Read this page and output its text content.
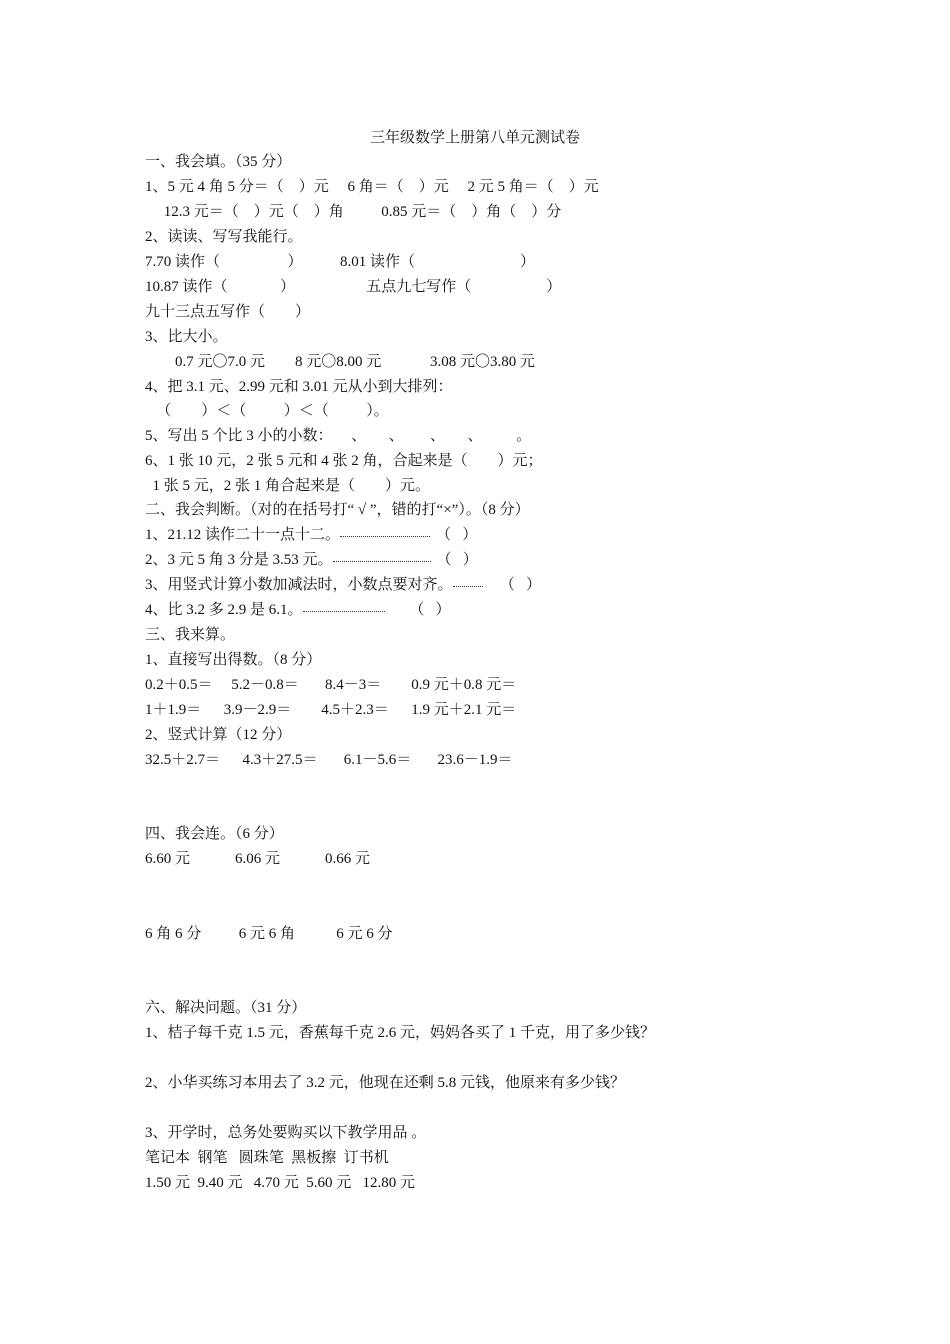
三年级数学上册第八单元测试卷
一、我会填。（35 分）
1、5 元 4 角 5 分＝（    ）元     6 角＝（    ）元     2 元 5 角＝（    ）元
12.3 元＝（    ）元（    ）角          0.85 元＝（    ）角（    ）分
2、读读、写写我能行。
7.70 读作（                  ）          8.01 读作（                            ）
10.87 读作（              ）                   五点九七写作（                    ）
九十三点五写作（        ）
3、比大小。
0.7 元〇7.0 元        8 元〇8.00 元             3.08 元〇3.80 元
4、把 3.1 元、2.99 元和 3.01 元从小到大排列：
（        ）＜（          ）＜（          ）。
5、写出 5 个比 3 小的小数：     、      、       、      、         。
6、1 张 10 元，2 张 5 元和 4 张 2 角，合起来是（        ）元；
1 张 5 元，2 张 1 角合起来是（        ）元。
二、我会判断。（对的在括号打“ √ ”，错的打“×”）。（8 分）
1、21.12 读作二十一点十二。	（   ）
2、3 元 5 角 3 分是 3.53 元。	（   ）
3、用竖式计算小数加减法时，小数点要对齐。   （   ）
4、比 3.2 多 2.9 是 6.1。	（   ）
三、我来算。
1、直接写出得数。（8 分）
0.2＋0.5＝     5.2－0.8＝       8.4－3＝        0.9 元＋0.8 元＝
1＋1.9＝      3.9－2.9＝        4.5＋2.3＝      1.9 元＋2.1 元＝
2、竖式计算（12 分）
32.5＋2.7＝      4.3＋27.5＝       6.1－5.6＝       23.6－1.9＝
四、我会连。（6 分）
6.60 元            6.06 元            0.66 元
6 角 6 分          6 元 6 角           6 元 6 分
六、解决问题。（31 分）
1、桔子每千克 1.5 元，香蕉每千克 2.6 元，妈妈各买了 1 千克，用了多少钱？
2、小华买练习本用去了 3.2 元，他现在还剩 5.8 元钱，他原来有多少钱？
3、开学时，总务处要购买以下教学用品 。
笔记本  钢笔   圆珠笔  黑板擦  订书机
1.50 元  9.40 元   4.70 元  5.60 元   12.80 元
